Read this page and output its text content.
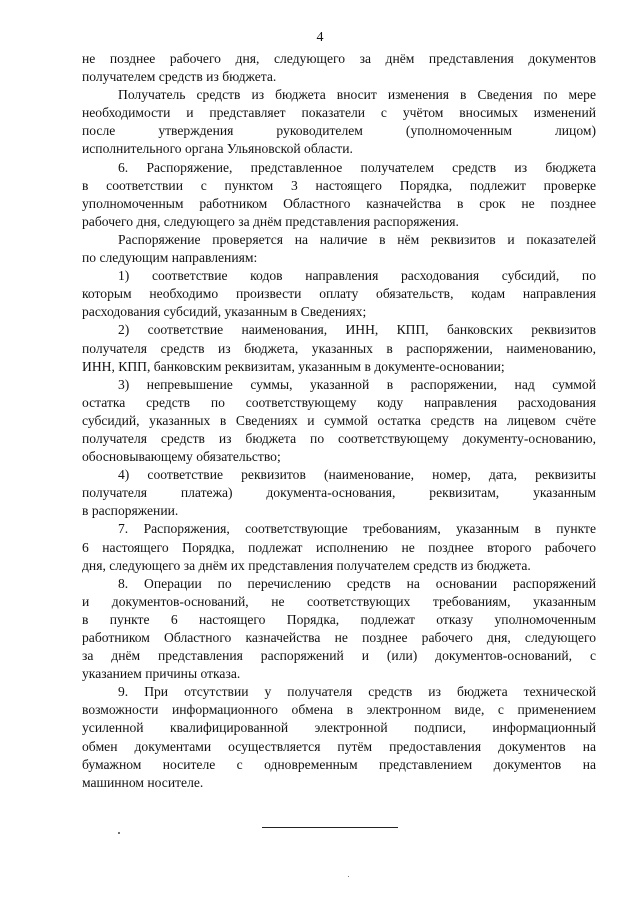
4
не позднее рабочего дня, следующего за днём представления документов
получателем средств из бюджета.
Получатель средств из бюджета вносит изменения в Сведения по мере
необходимости и представляет показатели с учётом вносимых изменений
после утверждения руководителем (уполномоченным лицом)
исполнительного органа Ульяновской области.
6. Распоряжение, представленное получателем средств из бюджета
в соответствии с пунктом 3 настоящего Порядка, подлежит проверке
уполномоченным работником Областного казначейства в срок не позднее
рабочего дня, следующего за днём представления распоряжения.
Распоряжение проверяется на наличие в нём реквизитов и показателей
по следующим направлениям:
1) соответствие кодов направления расходования субсидий, по
которым необходимо произвести оплату обязательств, кодам направления
расходования субсидий, указанным в Сведениях;
2) соответствие наименования, ИНН, КПП, банковских реквизитов
получателя средств из бюджета, указанных в распоряжении, наименованию,
ИНН, КПП, банковским реквизитам, указанным в документе-основании;
3) непревышение суммы, указанной в распоряжении, над суммой
остатка средств по соответствующему коду направления расходования
субсидий, указанных в Сведениях и суммой остатка средств на лицевом счёте
получателя средств из бюджета по соответствующему документу-основанию,
обосновывающему обязательство;
4) соответствие реквизитов (наименование, номер, дата, реквизиты
получателя платежа) документа-основания, реквизитам, указанным
в распоряжении.
7. Распоряжения, соответствующие требованиям, указанным в пункте
6 настоящего Порядка, подлежат исполнению не позднее второго рабочего
дня, следующего за днём их представления получателем средств из бюджета.
8. Операции по перечислению средств на основании распоряжений
и документов-оснований, не соответствующих требованиям, указанным
в пункте 6 настоящего Порядка, подлежат отказу уполномоченным
работником Областного казначейства не позднее рабочего дня, следующего
за днём представления распоряжений и (или) документов-оснований, с
указанием причины отказа.
9. При отсутствии у получателя средств из бюджета технической
возможности информационного обмена в электронном виде, с применением
усиленной квалифицированной электронной подписи, информационный
обмен документами осуществляется путём предоставления документов на
бумажном носителе с одновременным представлением документов на
машинном носителе.
